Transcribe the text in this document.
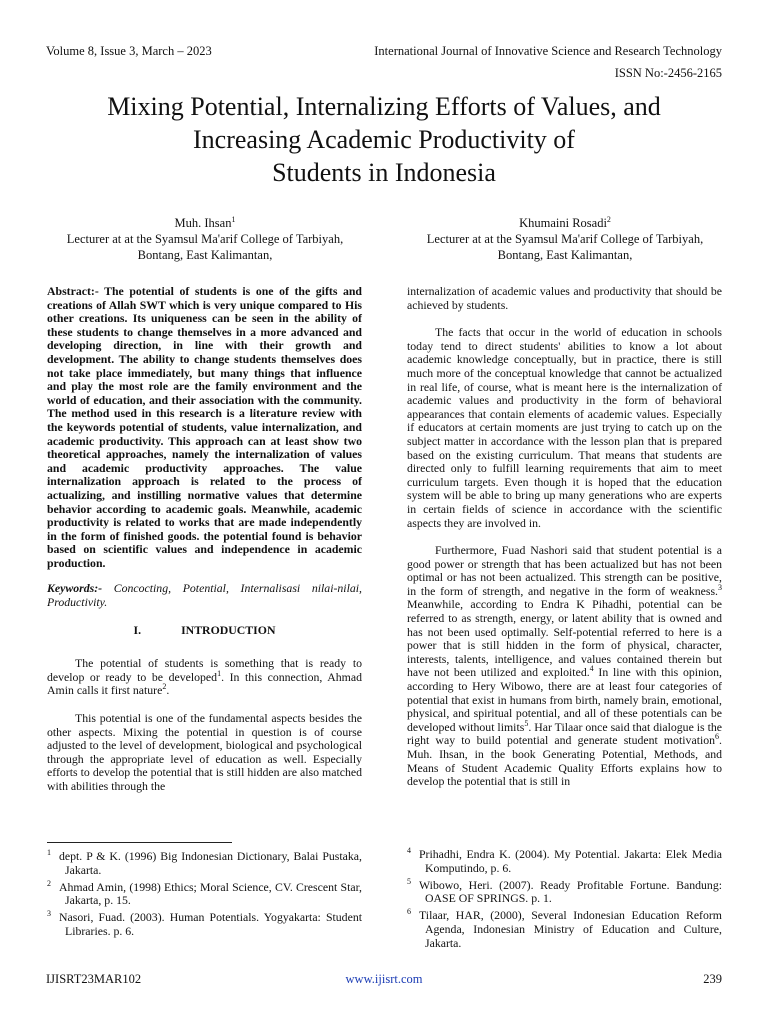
Volume 8, Issue 3, March – 2023	International Journal of Innovative Science and Research Technology
ISSN No:-2456-2165
Mixing Potential, Internalizing Efforts of Values, and
Increasing Academic Productivity of
Students in Indonesia
Muh. Ihsan$^1$
Lecturer at at the Syamsul Ma'arif College of Tarbiyah,
Bontang, East Kalimantan,
Khumaini Rosadi$^2$
Lecturer at at the Syamsul Ma'arif College of Tarbiyah,
Bontang, East Kalimantan,

Abstract:- The potential of students is one of the gifts and creations of Allah SWT which is very unique compared to His other creations. Its uniqueness can be seen in the ability of these students to change themselves in a more advanced and developing direction, in line with their growth and development. The ability to change students themselves does not take place immediately, but many things that influence and play the most role are the family environment and the world of education, and their association with the community. The method used in this research is a literature review with the keywords potential of students, value internalization, and academic productivity. This approach can at least show two theoretical approaches, namely the internalization of values and academic productivity approaches. The value internalization approach is related to the process of actualizing, and instilling normative values that determine behavior according to academic goals. Meanwhile, academic productivity is related to works that are made independently in the form of finished goods. the potential found is behavior based on scientific values and independence in academic production.

Keywords:- Concocting, Potential, Internalisasi nilai-nilai, Productivity.

I.	INTRODUCTION

The potential of students is something that is ready to develop or ready to be developed$^1$. In this connection, Ahmad Amin calls it first nature$^2$.

This potential is one of the fundamental aspects besides the other aspects. Mixing the potential in question is of course adjusted to the level of development, biological and psychological through the appropriate level of education as well. Especially efforts to develop the potential that is still hidden are also matched with abilities through the

internalization of academic values and productivity that should be achieved by students.

The facts that occur in the world of education in schools today tend to direct students' abilities to know a lot about academic knowledge conceptually, but in practice, there is still much more of the conceptual knowledge that cannot be actualized in real life, of course, what is meant here is the internalization of academic values and productivity in the form of behavioral appearances that contain elements of academic values. Especially if educators at certain moments are just trying to catch up on the subject matter in accordance with the lesson plan that is prepared based on the existing curriculum. That means that students are directed only to fulfill learning requirements that aim to meet curriculum targets. Even though it is hoped that the education system will be able to bring up many generations who are experts in certain fields of science in accordance with the scientific aspects they are involved in.

Furthermore, Fuad Nashori said that student potential is a good power or strength that has been actualized but has not been optimal or has not been actualized. This strength can be positive, in the form of strength, and negative in the form of weakness.$^3$ Meanwhile, according to Endra K Pihadhi, potential can be referred to as strength, energy, or latent ability that is owned and has not been used optimally. Self-potential referred to here is a power that is still hidden in the form of physical, character, interests, talents, intelligence, and values contained therein but have not been utilized and exploited.$^4$ In line with this opinion, according to Hery Wibowo, there are at least four categories of potential that exist in humans from birth, namely brain, emotional, physical, and spiritual potential, and all of these potentials can be developed without limits$^5$. Har Tilaar once said that dialogue is the right way to build potential and generate student motivation$^6$. Muh. Ihsan, in the book Generating Potential, Methods, and Means of Student Academic Quality Efforts explains how to develop the potential that is still in

$^1$ dept. P & K. (1996) Big Indonesian Dictionary, Balai Pustaka, Jakarta.

$^2$ Ahmad Amin, (1998) Ethics; Moral Science, CV. Crescent Star, Jakarta, p. 15.

$^3$ Nasori, Fuad. (2003). Human Potentials. Yogyakarta: Student Libraries. p. 6.

$^4$ Prihadhi, Endra K. (2004). My Potential. Jakarta: Elek Media Komputindo, p. 6.

$^5$ Wibowo, Heri. (2007). Ready Profitable Fortune. Bandung: OASE OF SPRINGS. p. 1.

$^6$ Tilaar, HAR, (2000), Several Indonesian Education Reform Agenda, Indonesian Ministry of Education and Culture, Jakarta.

IJISRT23MAR102	www.ijisrt.com	239
